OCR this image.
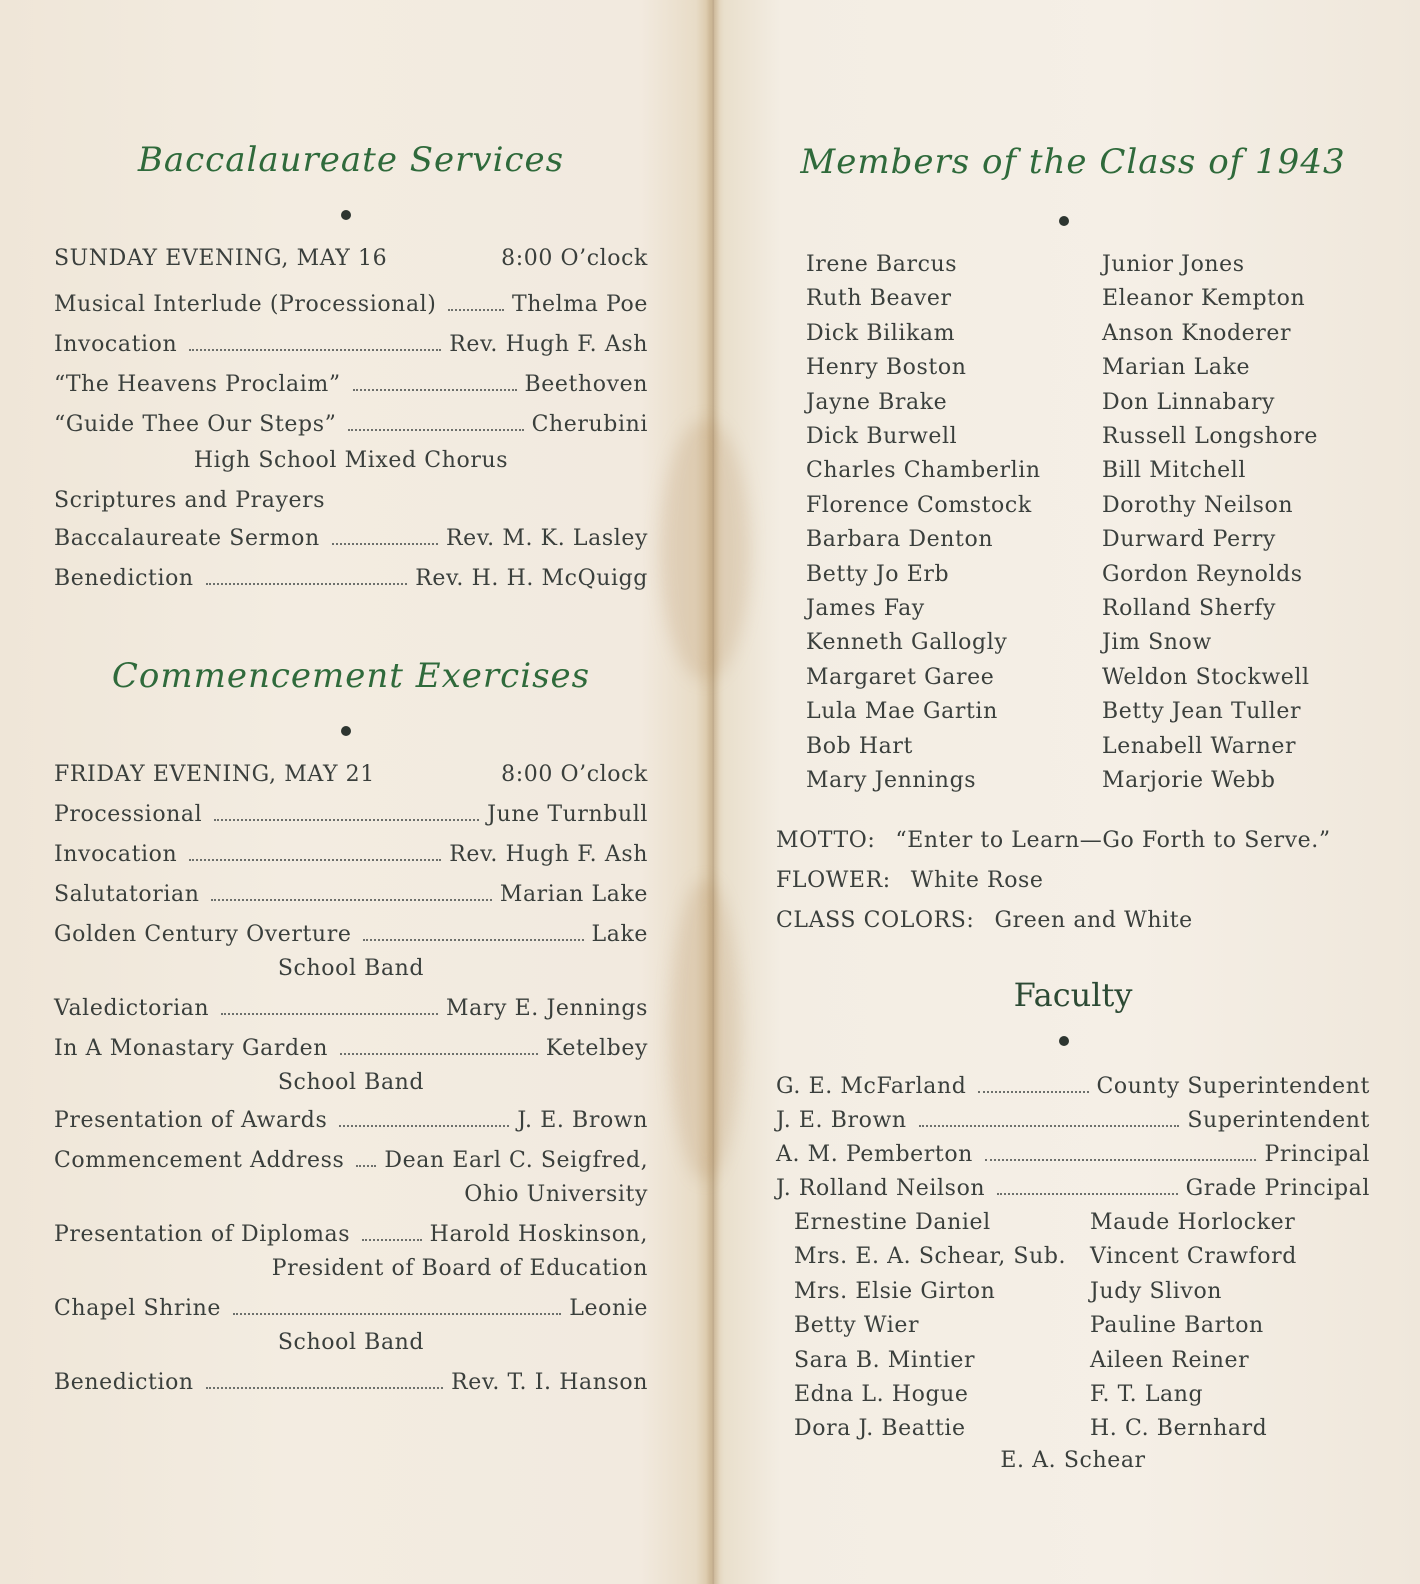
Baccalaureate Services
SUNDAY EVENING, MAY 16	8:00 O’clock
Musical Interlude (Processional)	Thelma Poe
Invocation	Rev. Hugh F. Ash
“The Heavens Proclaim”	Beethoven
“Guide Thee Our Steps”	Cherubini
High School Mixed Chorus
Scriptures and Prayers
Baccalaureate Sermon	Rev. M. K. Lasley
Benediction	Rev. H. H. McQuigg
Commencement Exercises
FRIDAY EVENING, MAY 21	8:00 O’clock
Processional	June Turnbull
Invocation	Rev. Hugh F. Ash
Salutatorian	Marian Lake
Golden Century Overture	Lake
School Band
Valedictorian	Mary E. Jennings
In A Monastary Garden	Ketelbey
School Band
Presentation of Awards	J. E. Brown
Commencement Address Dean Earl C. Seigfred,
Ohio University
Presentation of Diplomas	Harold Hoskinson,
President of Board of Education
Chapel Shrine	Leonie
School Band
Benediction	Rev. T. I. Hanson
Members of the Class of 1943
Irene Barcus
Ruth Beaver
Dick Bilikam
Henry Boston
Jayne Brake
Dick Burwell
Charles Chamberlin
Florence Comstock
Barbara Denton
Betty Jo Erb
James Fay
Kenneth Gallogly
Margaret Garee
Lula Mae Gartin
Bob Hart
Mary Jennings
Junior Jones
Eleanor Kempton
Anson Knoderer
Marian Lake
Don Linnabary
Russell Longshore
Bill Mitchell
Dorothy Neilson
Durward Perry
Gordon Reynolds
Rolland Sherfy
Jim Snow
Weldon Stockwell
Betty Jean Tuller
Lenabell Warner
Marjorie Webb
MOTTO: “Enter to Learn—Go Forth to Serve.”
FLOWER: White Rose
CLASS COLORS: Green and White
Faculty
G. E. McFarland	County Superintendent
J. E. Brown	Superintendent
A. M. Pemberton	Principal
J. Rolland Neilson	Grade Principal
Ernestine Daniel
Mrs. E. A. Schear, Sub.
Mrs. Elsie Girton
Betty Wier
Sara B. Mintier
Edna L. Hogue
Dora J. Beattie
Maude Horlocker
Vincent Crawford
Judy Slivon
Pauline Barton
Aileen Reiner
F. T. Lang
H. C. Bernhard
E. A. Schear
